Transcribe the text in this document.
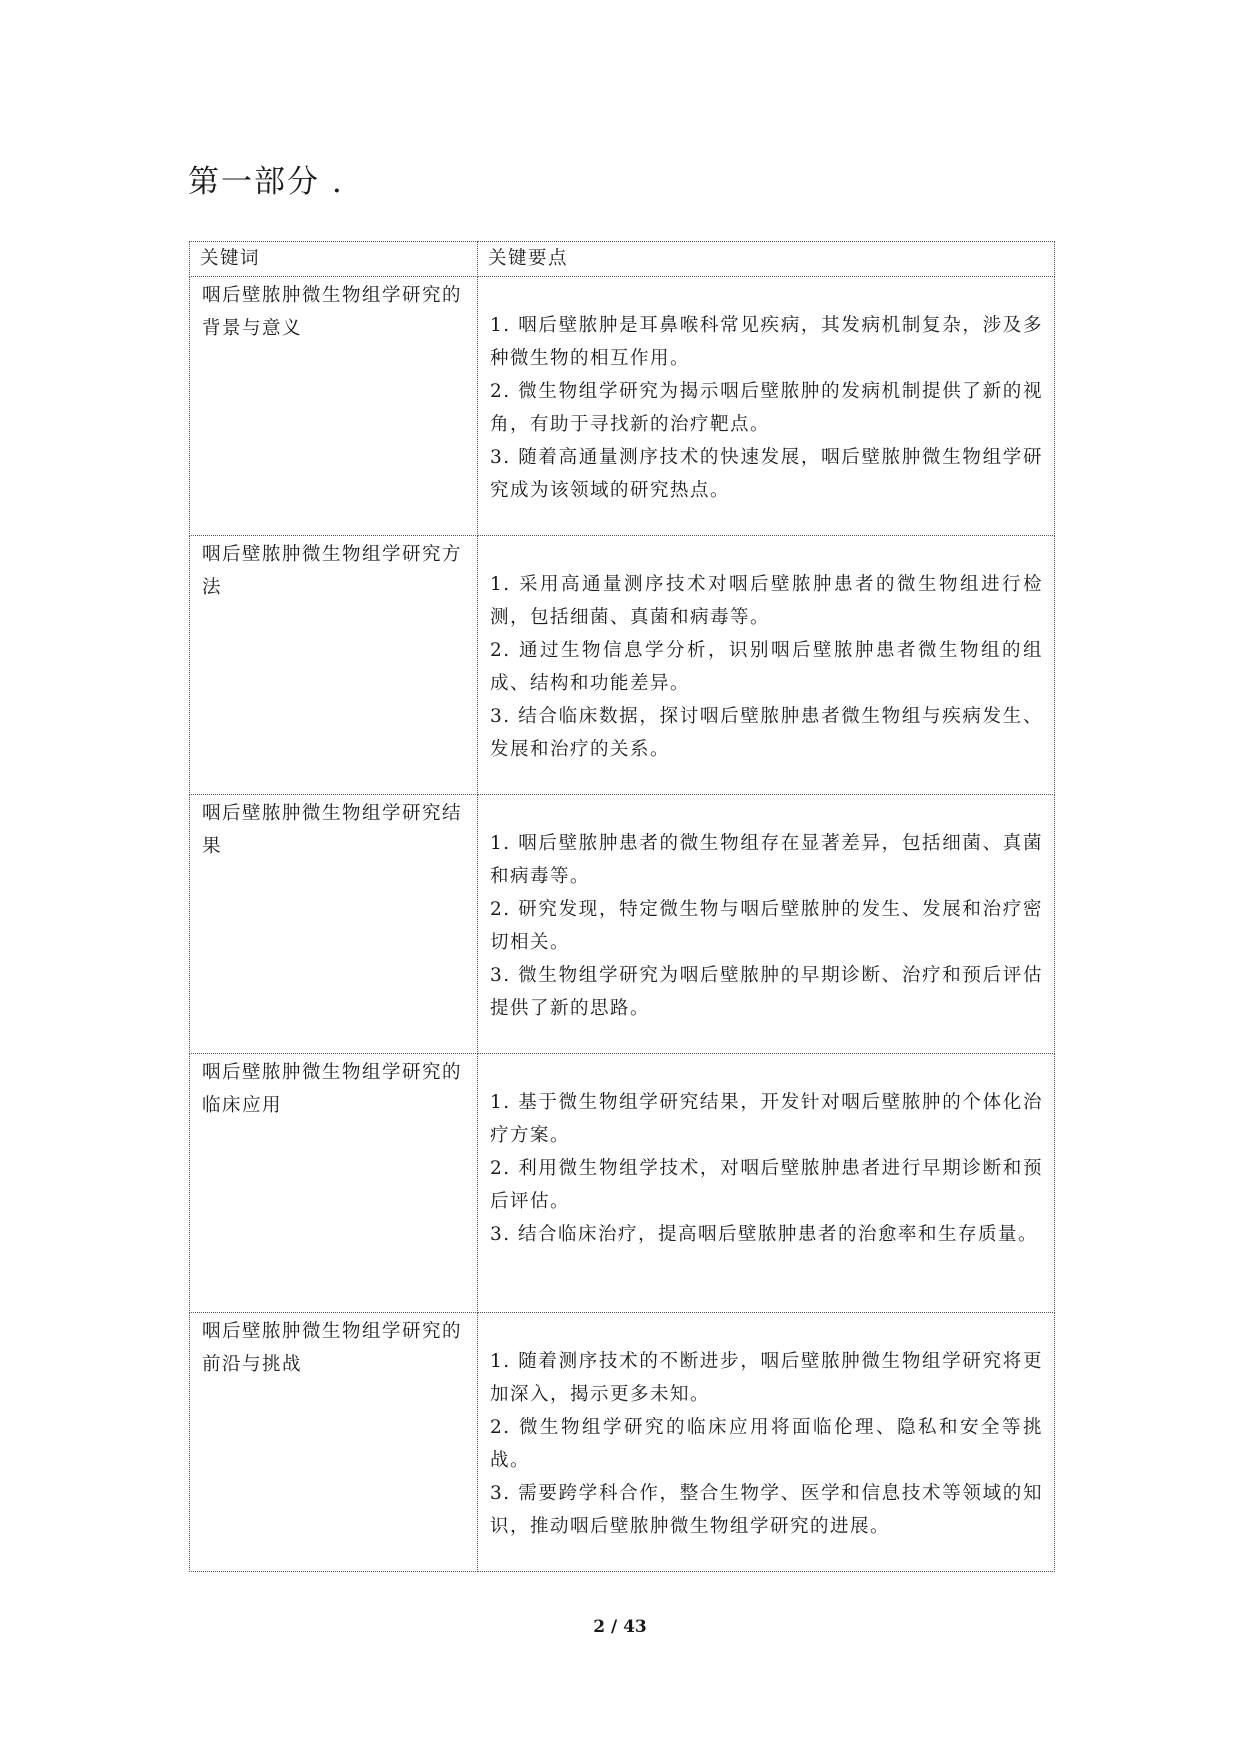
第一部分 .
关键词	关键要点
咽后壁脓肿微生物组学研究的背景与意义	1. 咽后壁脓肿是耳鼻喉科常见疾病，其发病机制复杂，涉及多种微生物的相互作用。
2. 微生物组学研究为揭示咽后壁脓肿的发病机制提供了新的视角，有助于寻找新的治疗靶点。
3. 随着高通量测序技术的快速发展，咽后壁脓肿微生物组学研究成为该领域的研究热点。

咽后壁脓肿微生物组学研究方法	1. 采用高通量测序技术对咽后壁脓肿患者的微生物组进行检测，包括细菌、真菌和病毒等。
2. 通过生物信息学分析，识别咽后壁脓肿患者微生物组的组成、结构和功能差异。
3. 结合临床数据，探讨咽后壁脓肿患者微生物组与疾病发生、发展和治疗的关系。

咽后壁脓肿微生物组学研究结果	1. 咽后壁脓肿患者的微生物组存在显著差异，包括细菌、真菌和病毒等。
2. 研究发现，特定微生物与咽后壁脓肿的发生、发展和治疗密切相关。
3. 微生物组学研究为咽后壁脓肿的早期诊断、治疗和预后评估提供了新的思路。

咽后壁脓肿微生物组学研究的临床应用	1. 基于微生物组学研究结果，开发针对咽后壁脓肿的个体化治疗方案。
2. 利用微生物组学技术，对咽后壁脓肿患者进行早期诊断和预后评估。
3. 结合临床治疗，提高咽后壁脓肿患者的治愈率和生存质量。

咽后壁脓肿微生物组学研究的前沿与挑战	1. 随着测序技术的不断进步，咽后壁脓肿微生物组学研究将更加深入，揭示更多未知。
2. 微生物组学研究的临床应用将面临伦理、隐私和安全等挑战。
3. 需要跨学科合作，整合生物学、医学和信息技术等领域的知识，推动咽后壁脓肿微生物组学研究的进展。
2 / 43
